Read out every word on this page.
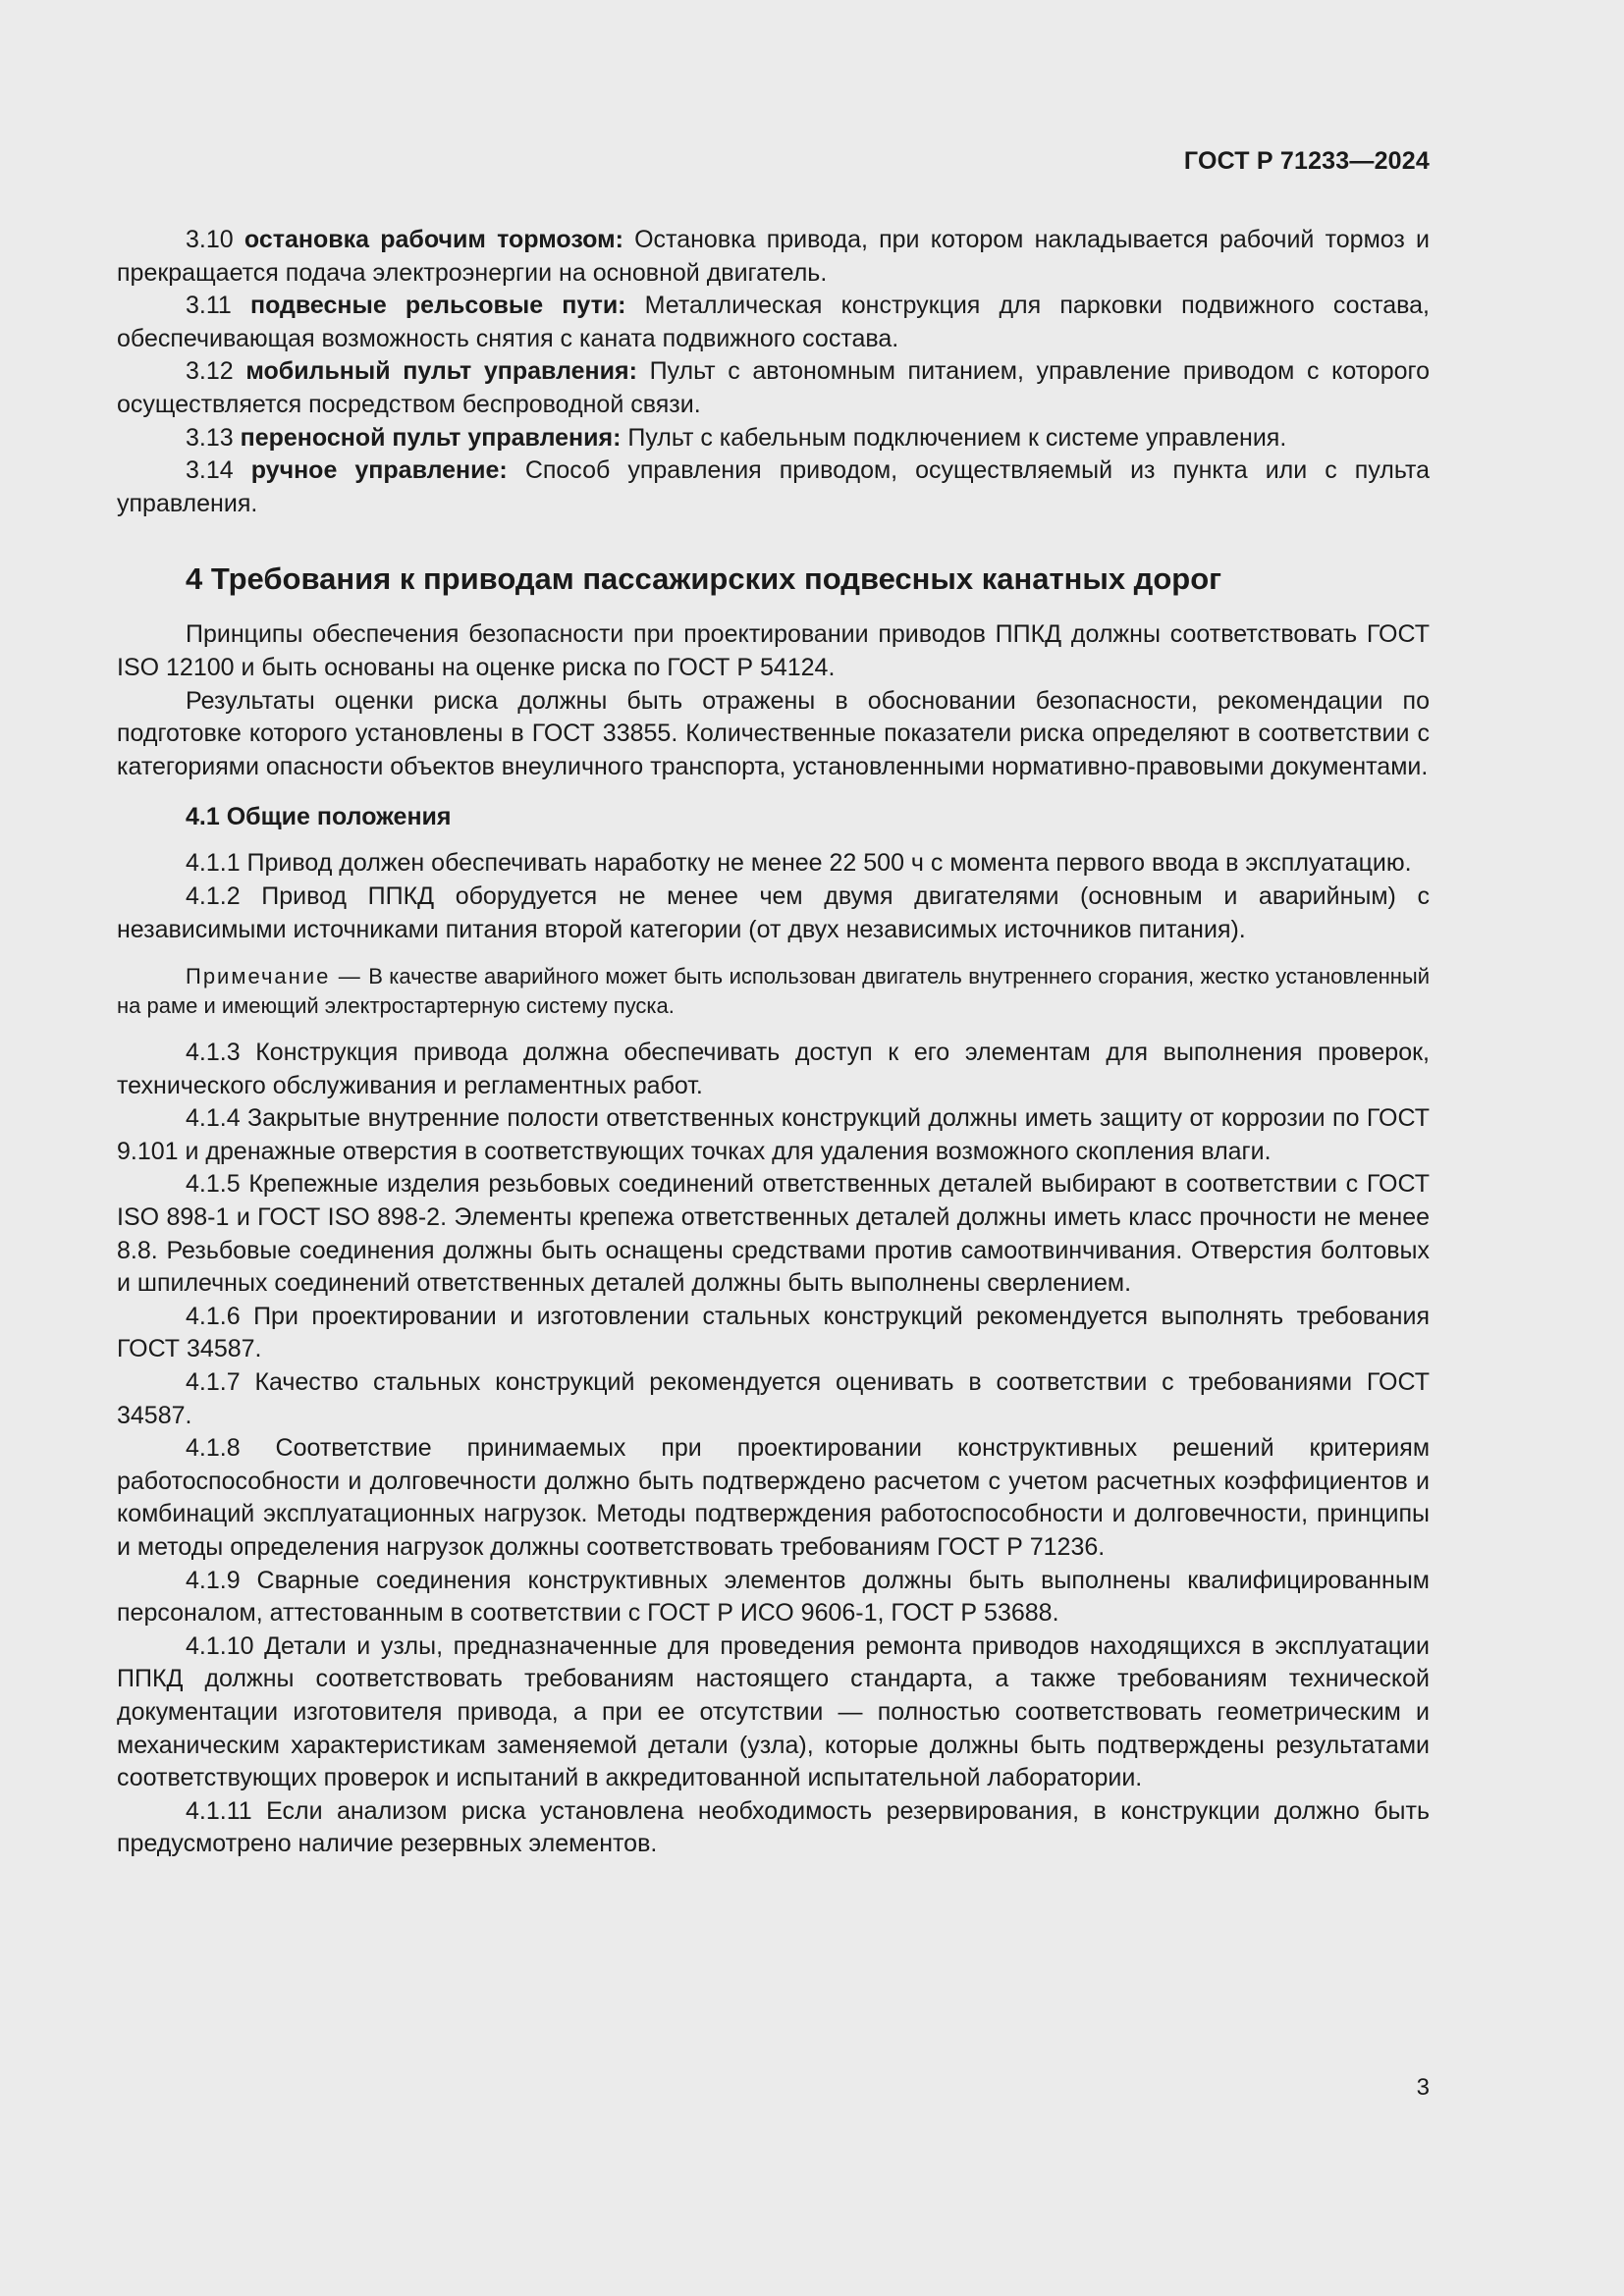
ГОСТ Р 71233—2024

3.10 остановка рабочим тормозом: Остановка привода, при котором накладывается рабочий тормоз и прекращается подача электроэнергии на основной двигатель.

3.11 подвесные рельсовые пути: Металлическая конструкция для парковки подвижного состава, обеспечивающая возможность снятия с каната подвижного состава.

3.12 мобильный пульт управления: Пульт с автономным питанием, управление приводом с которого осуществляется посредством беспроводной связи.

3.13 переносной пульт управления: Пульт с кабельным подключением к системе управления.

3.14 ручное управление: Способ управления приводом, осуществляемый из пункта или с пульта управления.

4 Требования к приводам пассажирских подвесных канатных дорог

Принципы обеспечения безопасности при проектировании приводов ППКД должны соответствовать ГОСТ ISO 12100 и быть основаны на оценке риска по ГОСТ Р 54124.

Результаты оценки риска должны быть отражены в обосновании безопасности, рекомендации по подготовке которого установлены в ГОСТ 33855. Количественные показатели риска определяют в соответствии с категориями опасности объектов внеуличного транспорта, установленными нормативно-правовыми документами.

4.1 Общие положения

4.1.1 Привод должен обеспечивать наработку не менее 22 500 ч с момента первого ввода в эксплуатацию.

4.1.2 Привод ППКД оборудуется не менее чем двумя двигателями (основным и аварийным) с независимыми источниками питания второй категории (от двух независимых источников питания).

Примечание — В качестве аварийного может быть использован двигатель внутреннего сгорания, жестко установленный на раме и имеющий электростартерную систему пуска.

4.1.3 Конструкция привода должна обеспечивать доступ к его элементам для выполнения проверок, технического обслуживания и регламентных работ.

4.1.4 Закрытые внутренние полости ответственных конструкций должны иметь защиту от коррозии по ГОСТ 9.101 и дренажные отверстия в соответствующих точках для удаления возможного скопления влаги.

4.1.5 Крепежные изделия резьбовых соединений ответственных деталей выбирают в соответствии с ГОСТ ISO 898-1 и ГОСТ ISO 898-2. Элементы крепежа ответственных деталей должны иметь класс прочности не менее 8.8. Резьбовые соединения должны быть оснащены средствами против самоотвинчивания. Отверстия болтовых и шпилечных соединений ответственных деталей должны быть выполнены сверлением.

4.1.6 При проектировании и изготовлении стальных конструкций рекомендуется выполнять требования ГОСТ 34587.

4.1.7 Качество стальных конструкций рекомендуется оценивать в соответствии с требованиями ГОСТ 34587.

4.1.8 Соответствие принимаемых при проектировании конструктивных решений критериям работоспособности и долговечности должно быть подтверждено расчетом с учетом расчетных коэффициентов и комбинаций эксплуатационных нагрузок. Методы подтверждения работоспособности и долговечности, принципы и методы определения нагрузок должны соответствовать требованиям ГОСТ Р 71236.

4.1.9 Сварные соединения конструктивных элементов должны быть выполнены квалифицированным персоналом, аттестованным в соответствии с ГОСТ Р ИСО 9606-1, ГОСТ Р 53688.

4.1.10 Детали и узлы, предназначенные для проведения ремонта приводов находящихся в эксплуатации ППКД должны соответствовать требованиям настоящего стандарта, а также требованиям технической документации изготовителя привода, а при ее отсутствии — полностью соответствовать геометрическим и механическим характеристикам заменяемой детали (узла), которые должны быть подтверждены результатами соответствующих проверок и испытаний в аккредитованной испытательной лаборатории.

4.1.11 Если анализом риска установлена необходимость резервирования, в конструкции должно быть предусмотрено наличие резервных элементов.

3
